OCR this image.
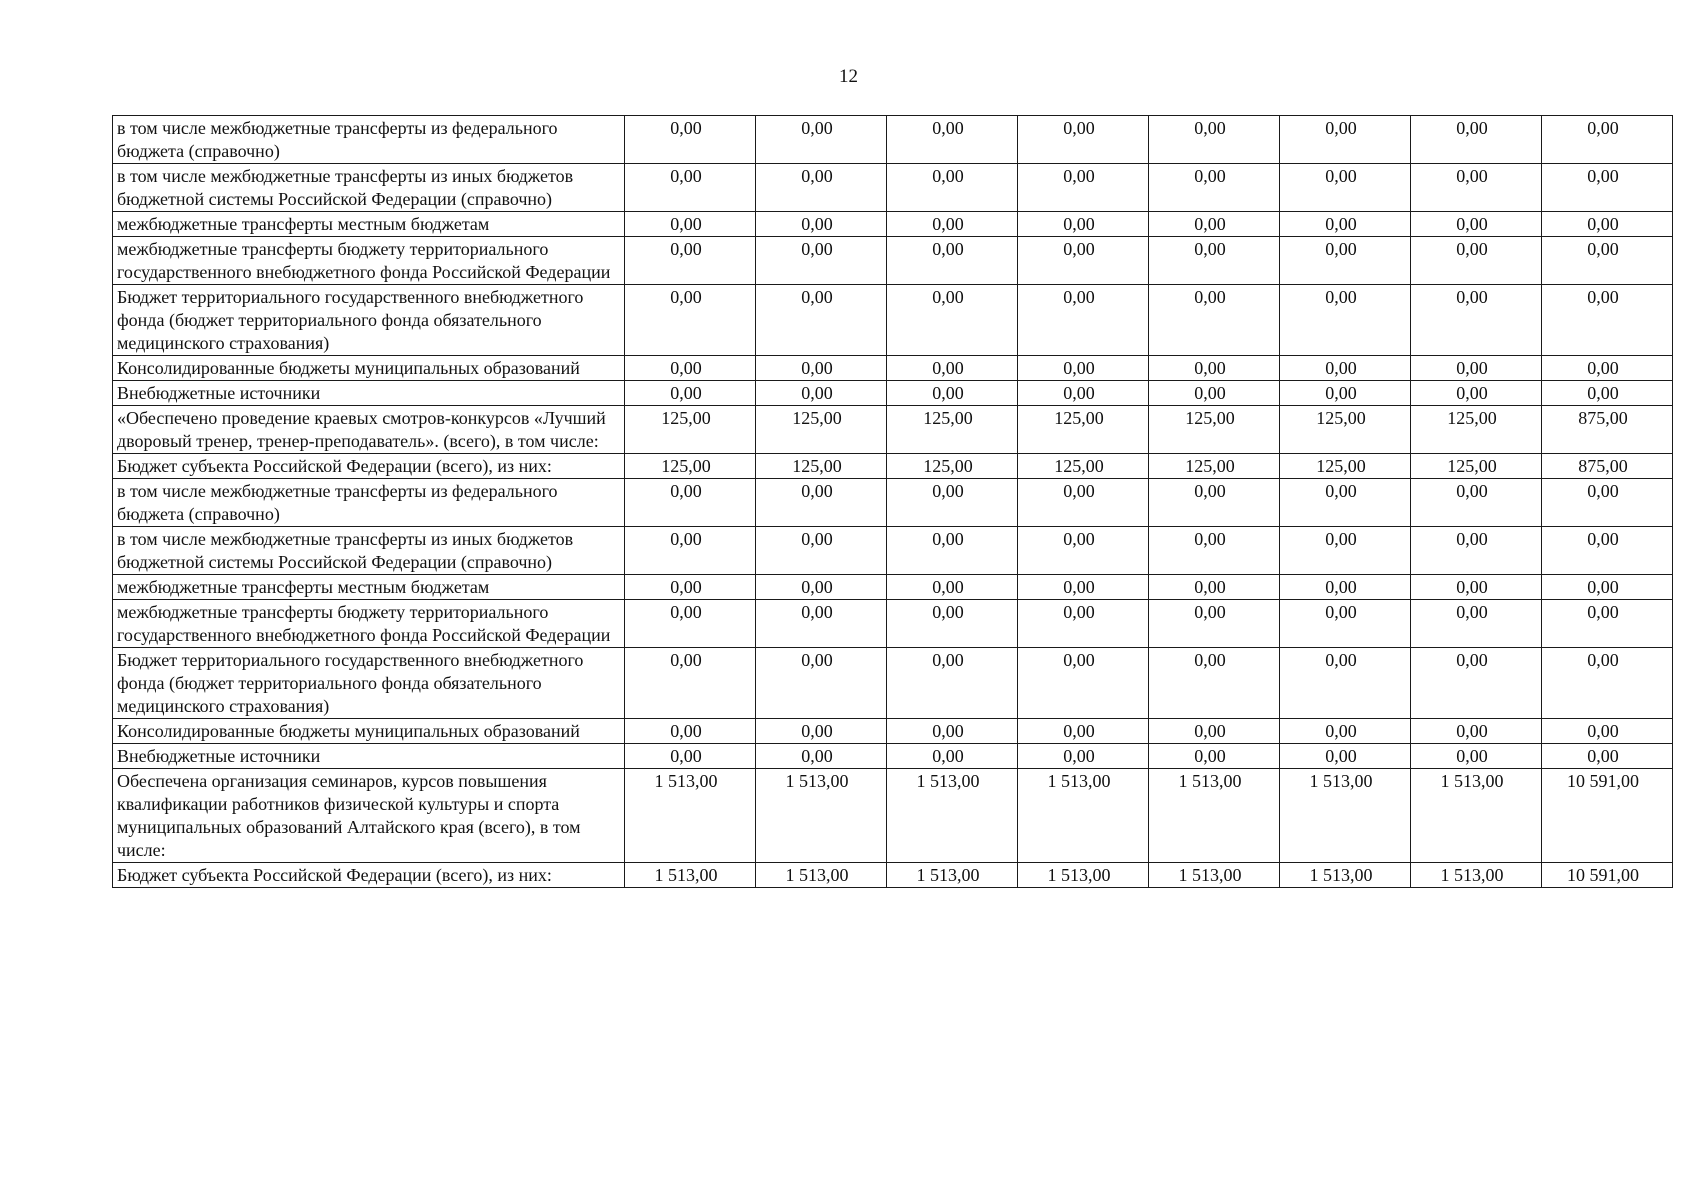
12
в том числе межбюджетные трансферты из федерального бюджета (справочно)	0,00	0,00	0,00	0,00	0,00	0,00	0,00	0,00
в том числе межбюджетные трансферты из иных бюджетов бюджетной системы Российской Федерации (справочно)	0,00	0,00	0,00	0,00	0,00	0,00	0,00	0,00
межбюджетные трансферты местным бюджетам	0,00	0,00	0,00	0,00	0,00	0,00	0,00	0,00
межбюджетные трансферты бюджету территориального государственного внебюджетного фонда Российской Федерации	0,00	0,00	0,00	0,00	0,00	0,00	0,00	0,00
Бюджет территориального государственного внебюджетного фонда (бюджет территориального фонда обязательного медицинского страхования)	0,00	0,00	0,00	0,00	0,00	0,00	0,00	0,00
Консолидированные бюджеты муниципальных образований	0,00	0,00	0,00	0,00	0,00	0,00	0,00	0,00
Внебюджетные источники	0,00	0,00	0,00	0,00	0,00	0,00	0,00	0,00
«Обеспечено проведение краевых смотров-конкурсов «Лучший дворовый тренер, тренер-преподаватель». (всего), в том числе:	125,00	125,00	125,00	125,00	125,00	125,00	125,00	875,00
Бюджет субъекта Российской Федерации (всего), из них:	125,00	125,00	125,00	125,00	125,00	125,00	125,00	875,00
в том числе межбюджетные трансферты из федерального бюджета (справочно)	0,00	0,00	0,00	0,00	0,00	0,00	0,00	0,00
в том числе межбюджетные трансферты из иных бюджетов бюджетной системы Российской Федерации (справочно)	0,00	0,00	0,00	0,00	0,00	0,00	0,00	0,00
межбюджетные трансферты местным бюджетам	0,00	0,00	0,00	0,00	0,00	0,00	0,00	0,00
межбюджетные трансферты бюджету территориального государственного внебюджетного фонда Российской Федерации	0,00	0,00	0,00	0,00	0,00	0,00	0,00	0,00
Бюджет территориального государственного внебюджетного фонда (бюджет территориального фонда обязательного медицинского страхования)	0,00	0,00	0,00	0,00	0,00	0,00	0,00	0,00
Консолидированные бюджеты муниципальных образований	0,00	0,00	0,00	0,00	0,00	0,00	0,00	0,00
Внебюджетные источники	0,00	0,00	0,00	0,00	0,00	0,00	0,00	0,00
Обеспечена организация семинаров, курсов повышения квалификации работников физической культуры и спорта муниципальных образований Алтайского края (всего), в том числе:	1 513,00	1 513,00	1 513,00	1 513,00	1 513,00	1 513,00	1 513,00	10 591,00
Бюджет субъекта Российской Федерации (всего), из них:	1 513,00	1 513,00	1 513,00	1 513,00	1 513,00	1 513,00	1 513,00	10 591,00
